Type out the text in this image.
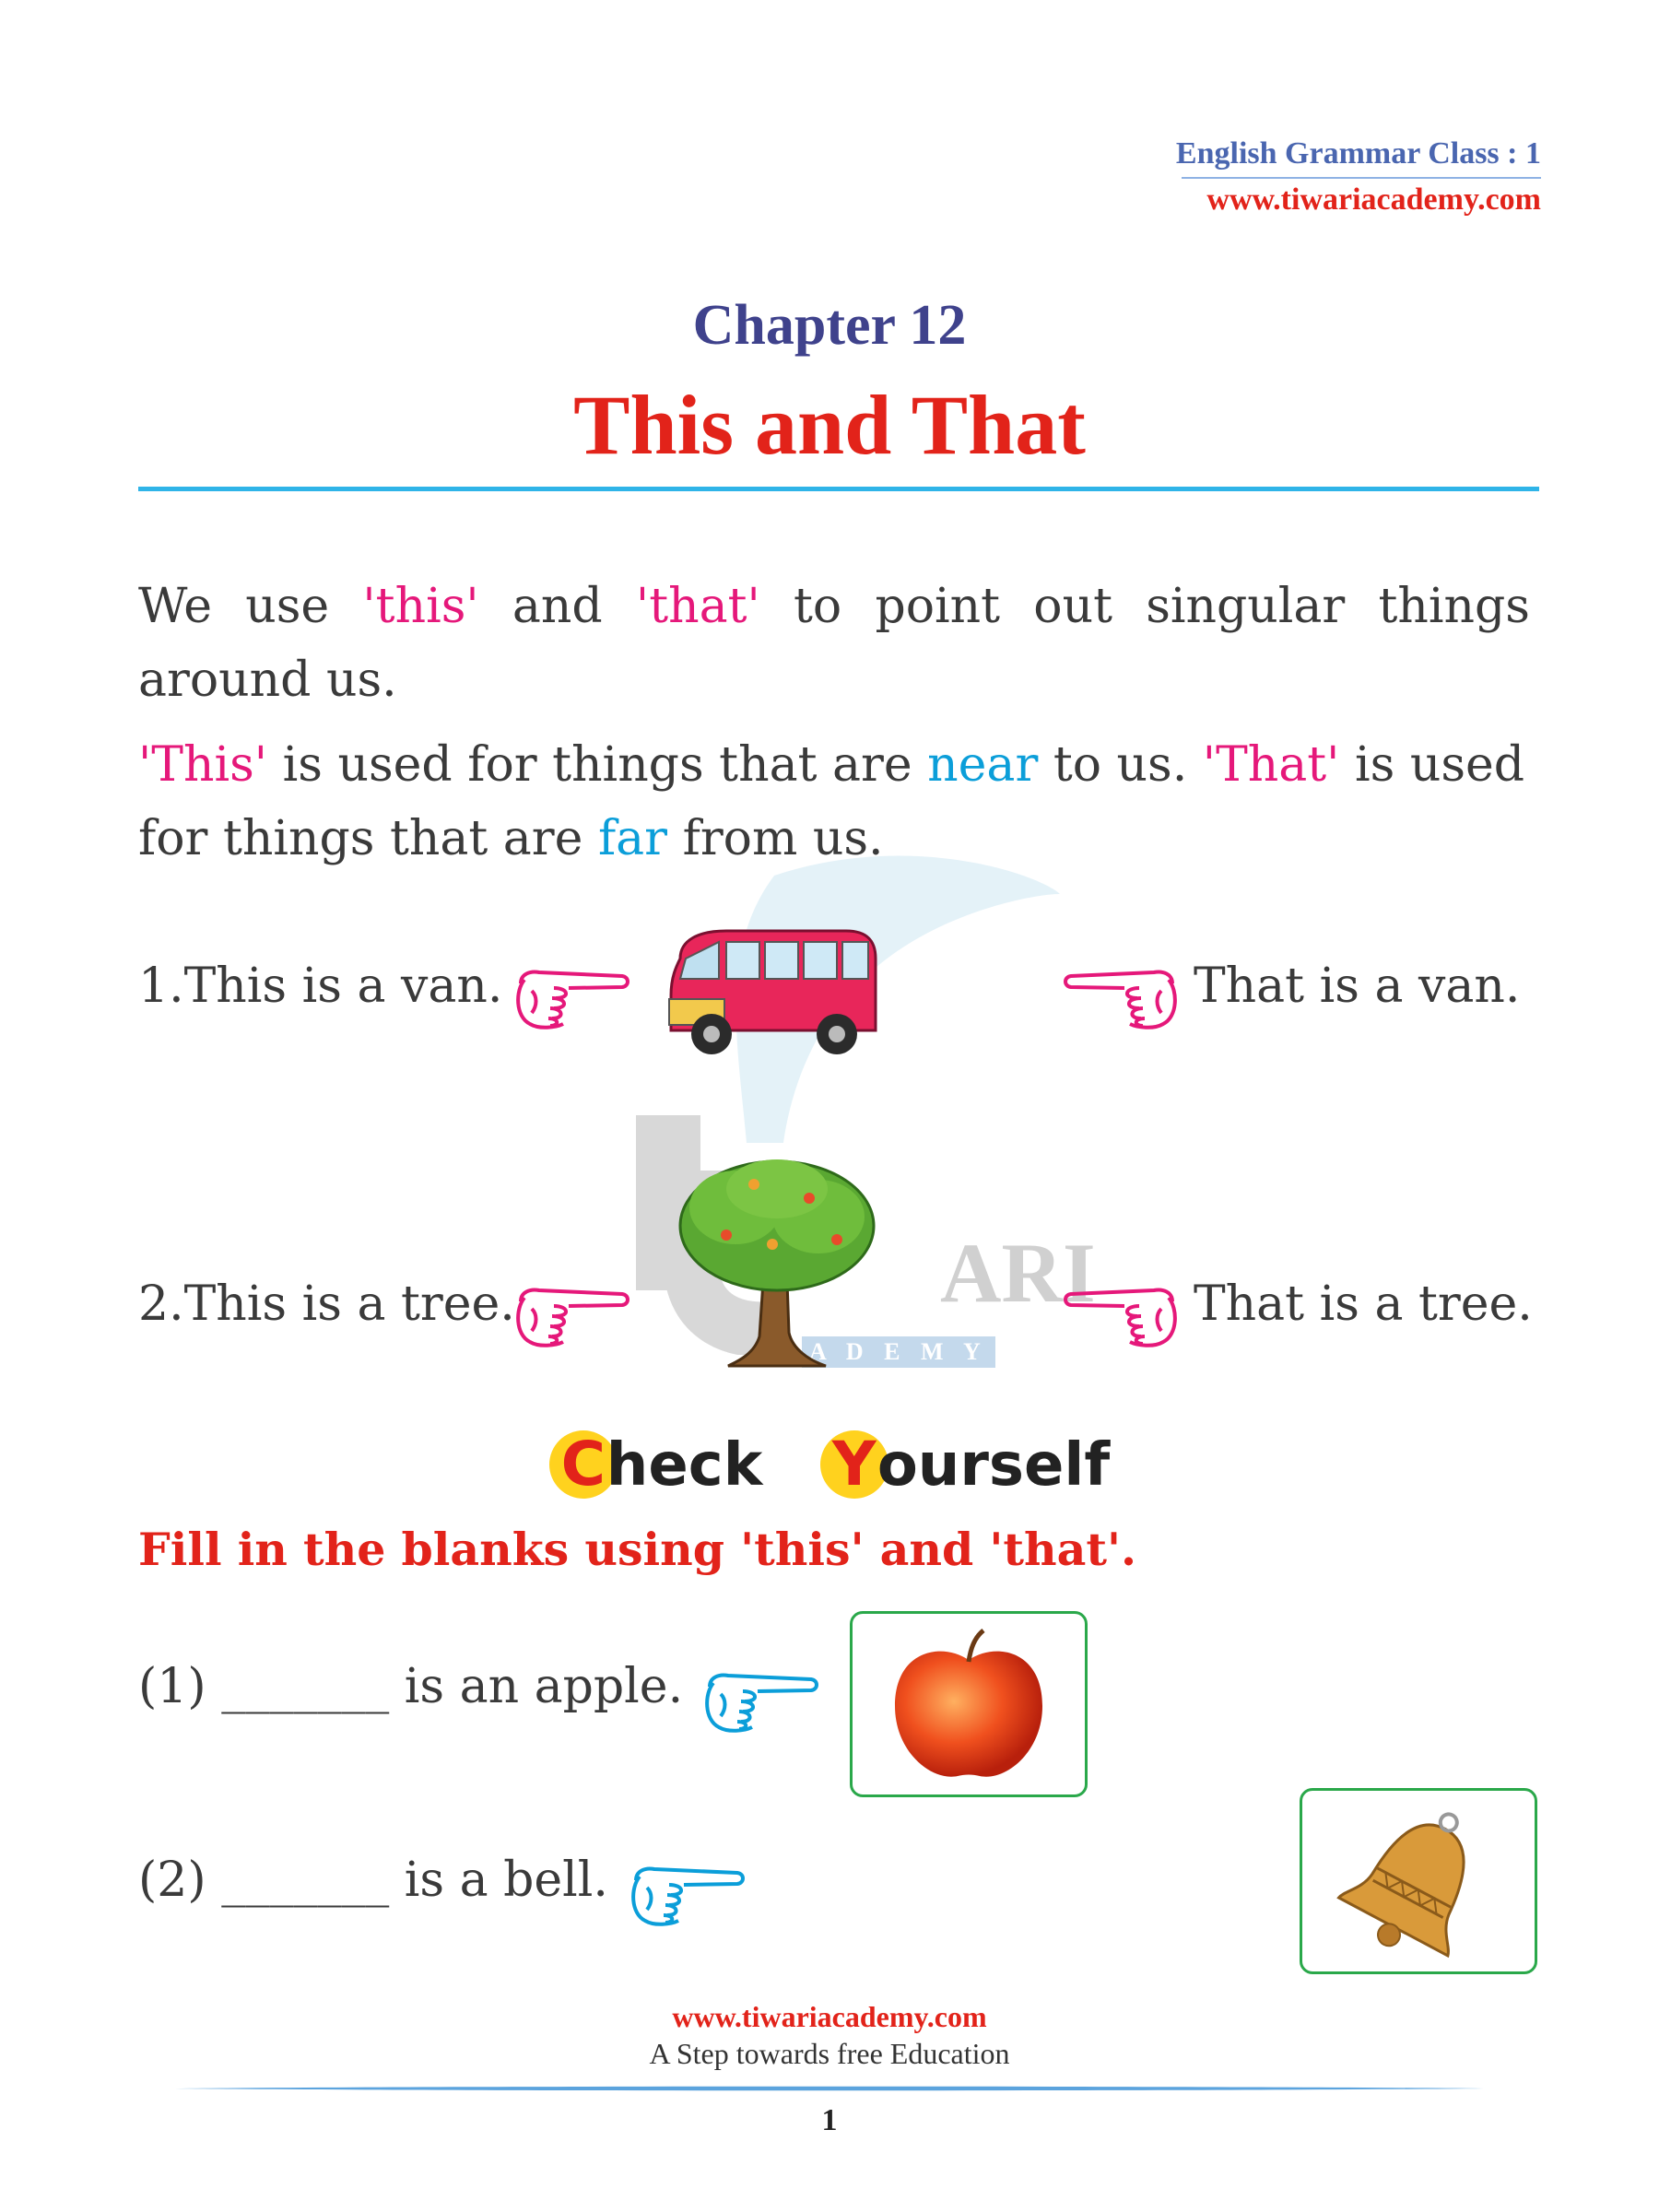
English Grammar Class : 1
www.tiwariacademy.com
Chapter 12
This and That
ARI
A D E M Y
We use 'this' and 'that' to point out singular things around us.
'This' is used for things that are near to us. 'That' is used for things that are far from us.
1.This is a van.	That is a van.
2.This is a tree.	That is a tree.
Check Yourself
Fill in the blanks using 'this' and 'that'.
(1) _______ is an apple.
(2) _______ is a bell.
www.tiwariacademy.com
A Step towards free Education
1
